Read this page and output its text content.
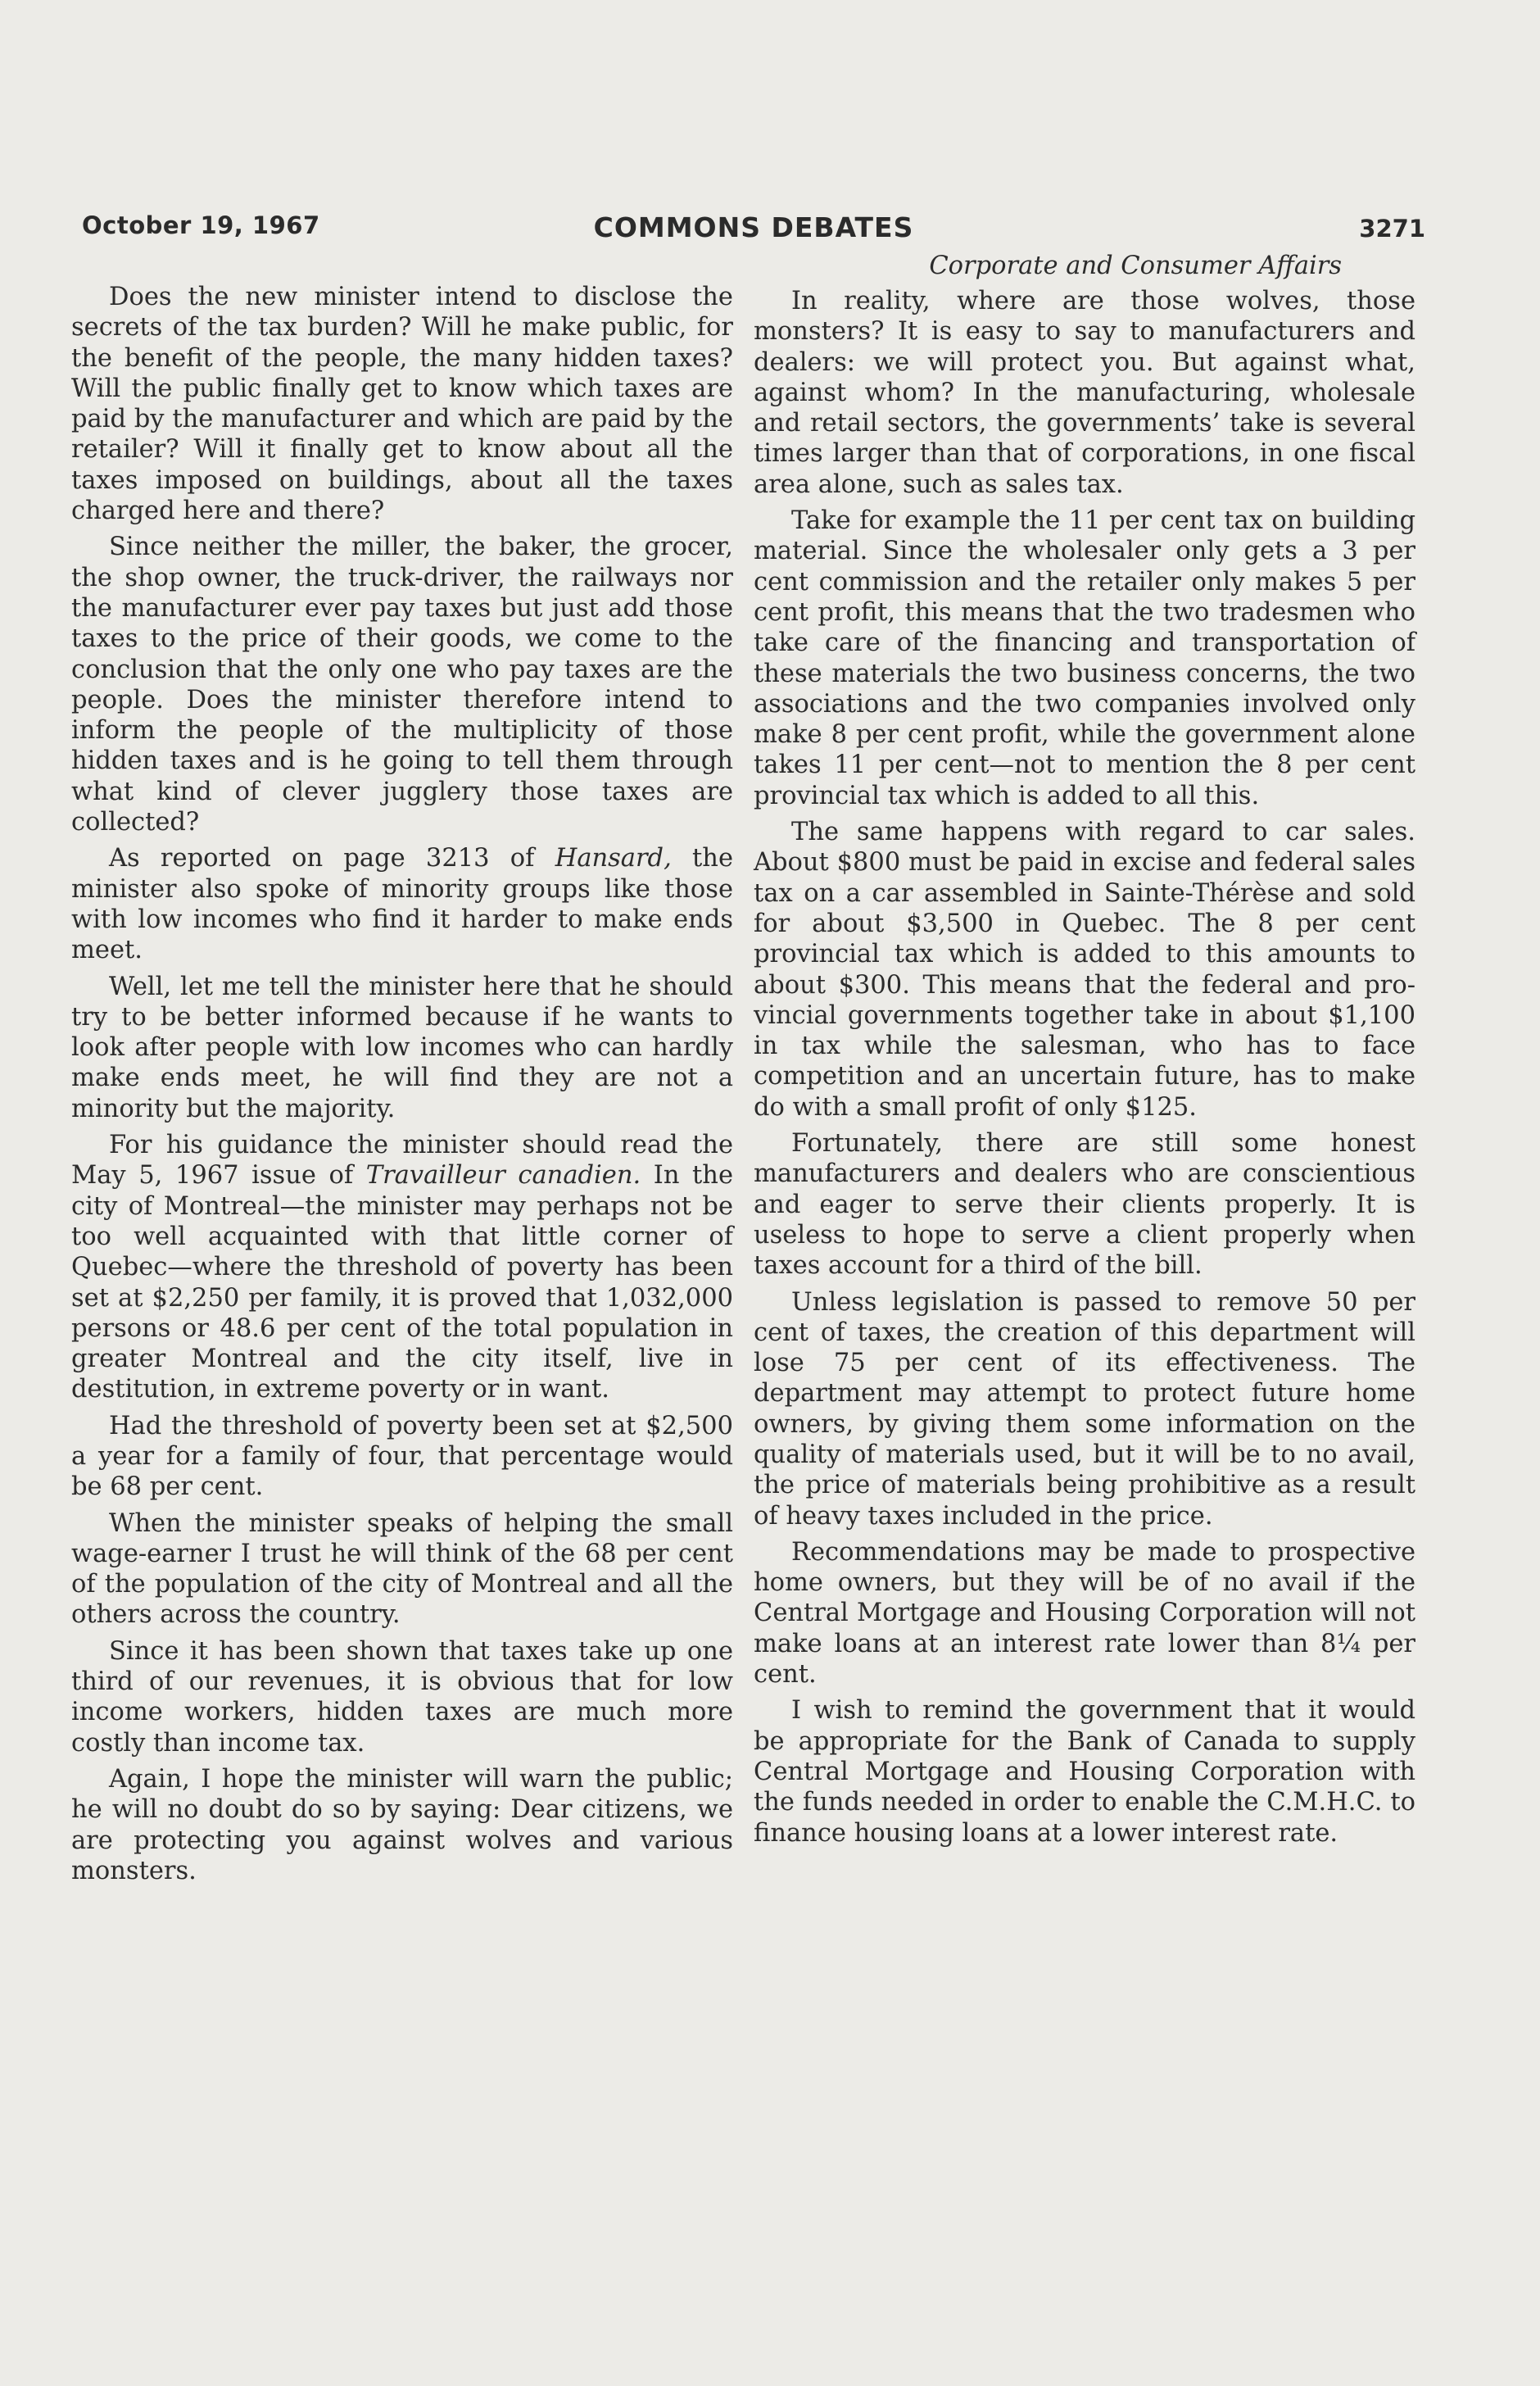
October 19, 1967	COMMONS DEBATES	3271

Does the new minister intend to disclose the secrets of the tax burden? Will he make public, for the benefit of the people, the many hidden taxes? Will the public finally get to know which taxes are paid by the manufacturer and which are paid by the retailer? Will it finally get to know about all the taxes imposed on buildings, about all the taxes charged here and there?

Since neither the miller, the baker, the grocer, the shop owner, the truck-driver, the railways nor the manufacturer ever pay taxes but just add those taxes to the price of their goods, we come to the conclusion that the only one who pay taxes are the people. Does the minister therefore intend to inform the people of the multiplicity of those hidden taxes and is he going to tell them through what kind of clever jugglery those taxes are collected?

As reported on page 3213 of Hansard, the minister also spoke of minority groups like those with low incomes who find it harder to make ends meet.

Well, let me tell the minister here that he should try to be better informed because if he wants to look after people with low incomes who can hardly make ends meet, he will find they are not a minority but the majority.

For his guidance the minister should read the May 5, 1967 issue of Travailleur canadien. In the city of Montreal—the minister may perhaps not be too well acquainted with that little corner of Quebec—where the threshold of poverty has been set at $2,250 per family, it is proved that 1,032,000 persons or 48.6 per cent of the total population in greater Montreal and the city itself, live in destitution, in extreme poverty or in want.

Had the threshold of poverty been set at $2,500 a year for a family of four, that percentage would be 68 per cent.

When the minister speaks of helping the small wage-earner I trust he will think of the 68 per cent of the population of the city of Montreal and all the others across the country.

Since it has been shown that taxes take up one third of our revenues, it is obvious that for low income workers, hidden taxes are much more costly than income tax.

Again, I hope the minister will warn the public; he will no doubt do so by saying: Dear citizens, we are protecting you against wolves and various monsters.

Corporate and Consumer Affairs

In reality, where are those wolves, those monsters? It is easy to say to manufacturers and dealers: we will protect you. But against what, against whom? In the manufacturing, wholesale and retail sectors, the governments’ take is several times larger than that of corporations, in one fiscal area alone, such as sales tax.

Take for example the 11 per cent tax on building material. Since the wholesaler only gets a 3 per cent commission and the retailer only makes 5 per cent profit, this means that the two tradesmen who take care of the financing and transportation of these materials the two business concerns, the two associations and the two companies involved only make 8 per cent profit, while the government alone takes 11 per cent—not to mention the 8 per cent provincial tax which is added to all this.

The same happens with regard to car sales. About $800 must be paid in excise and federal sales tax on a car assembled in Sainte-Thérèse and sold for about $3,500 in Quebec. The 8 per cent provincial tax which is added to this amounts to about $300. This means that the federal and provincial governments together take in about $1,100 in tax while the salesman, who has to face competition and an uncertain future, has to make do with a small profit of only $125.

Fortunately, there are still some honest manufacturers and dealers who are conscientious and eager to serve their clients properly. It is useless to hope to serve a client properly when taxes account for a third of the bill.

Unless legislation is passed to remove 50 per cent of taxes, the creation of this department will lose 75 per cent of its effectiveness. The department may attempt to protect future home owners, by giving them some information on the quality of materials used, but it will be to no avail, the price of materials being prohibitive as a result of heavy taxes included in the price.

Recommendations may be made to prospective home owners, but they will be of no avail if the Central Mortgage and Housing Corporation will not make loans at an interest rate lower than 8¼ per cent.

I wish to remind the government that it would be appropriate for the Bank of Canada to supply Central Mortgage and Housing Corporation with the funds needed in order to enable the C.M.H.C. to finance housing loans at a lower interest rate.
